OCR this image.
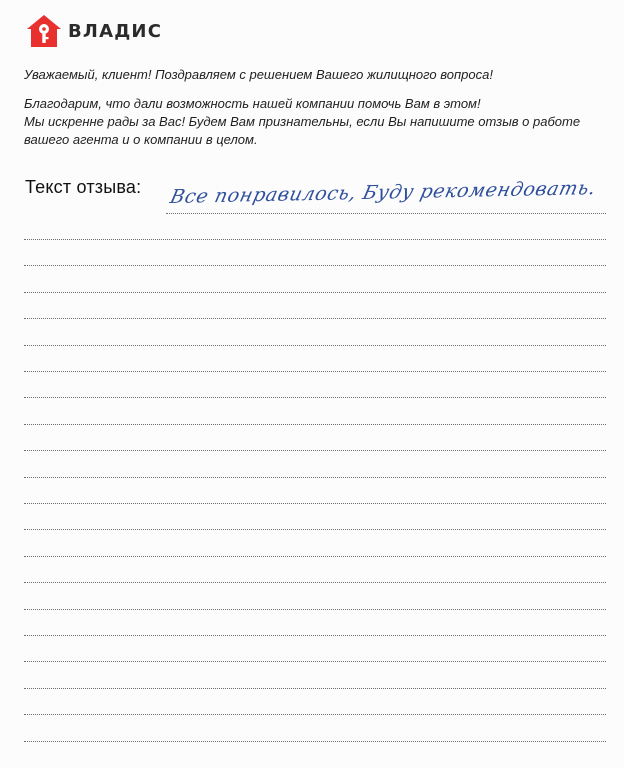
ВЛАДИС

Уважаемый, клиент! Поздравляем с решением Вашего жилищного вопроса!

Благодарим, что дали возможность нашей компании помочь Вам в этом!

Мы искренне рады за Вас! Будем Вам признательны, если Вы напишите отзыв о работе

вашего агента и о компании в целом.

Текст отзыва: Все понравилось, Буду рекомендовать.
